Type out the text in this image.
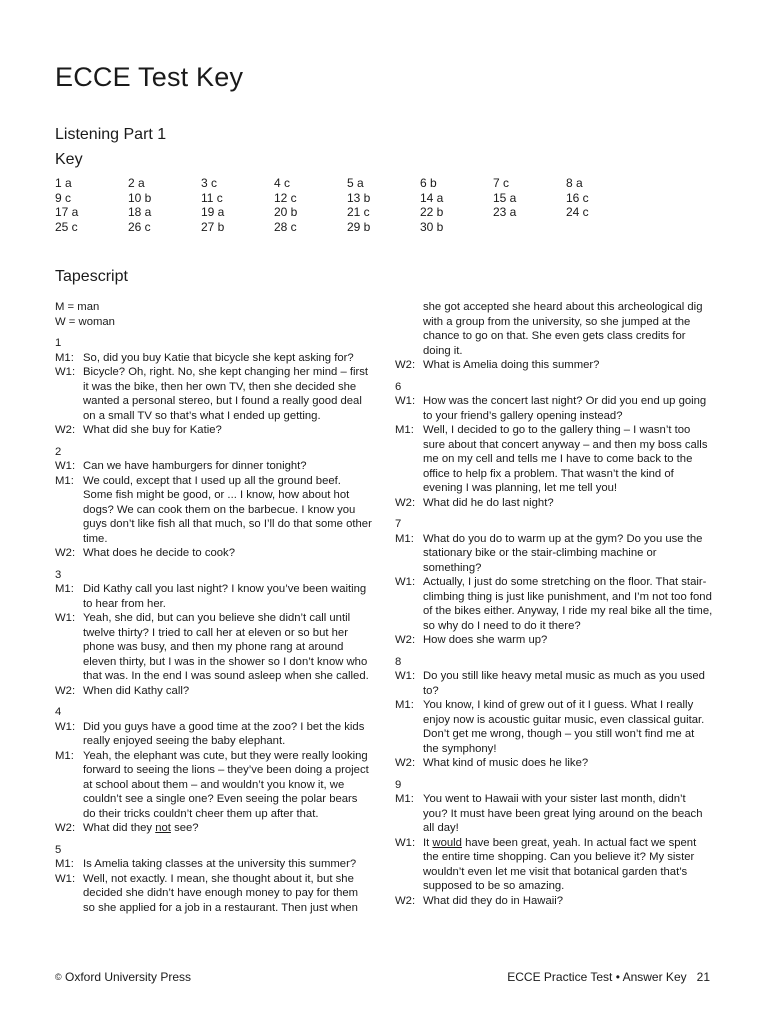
ECCE Test Key
Listening Part 1
Key
1 a	2 a	3 c	4 c	5 a	6 b	7 c	8 a
9 c	10 b	11 c	12 c	13 b	14 a	15 a	16 c
17 a	18 a	19 a	20 b	21 c	22 b	23 a	24 c
25 c	26 c	27 b	28 c	29 b	30 b
Tapescript
M = man
W = woman
1
M1: So, did you buy Katie that bicycle she kept asking for?
W1: Bicycle? Oh, right. No, she kept changing her mind – first it was the bike, then her own TV, then she decided she wanted a personal stereo, but I found a really good deal on a small TV so that’s what I ended up getting.
W2: What did she buy for Katie?
2
W1: Can we have hamburgers for dinner tonight?
M1: We could, except that I used up all the ground beef. Some fish might be good, or ... I know, how about hot dogs? We can cook them on the barbecue. I know you guys don’t like fish all that much, so I’ll do that some other time.
W2: What does he decide to cook?
3
M1: Did Kathy call you last night? I know you’ve been waiting to hear from her.
W1: Yeah, she did, but can you believe she didn’t call until twelve thirty? I tried to call her at eleven or so but her phone was busy, and then my phone rang at around eleven thirty, but I was in the shower so I don’t know who that was. In the end I was sound asleep when she called.
W2: When did Kathy call?
4
W1: Did you guys have a good time at the zoo? I bet the kids really enjoyed seeing the baby elephant.
M1: Yeah, the elephant was cute, but they were really looking forward to seeing the lions – they’ve been doing a project at school about them – and wouldn’t you know it, we couldn’t see a single one? Even seeing the polar bears do their tricks couldn’t cheer them up after that.
W2: What did they not see?
5
M1: Is Amelia taking classes at the university this summer?
W1: Well, not exactly. I mean, she thought about it, but she decided she didn’t have enough money to pay for them so she applied for a job in a restaurant. Then just when
she got accepted she heard about this archeological dig with a group from the university, so she jumped at the chance to go on that. She even gets class credits for doing it.
W2: What is Amelia doing this summer?
6
W1: How was the concert last night? Or did you end up going to your friend’s gallery opening instead?
M1: Well, I decided to go to the gallery thing – I wasn’t too sure about that concert anyway – and then my boss calls me on my cell and tells me I have to come back to the office to help fix a problem. That wasn’t the kind of evening I was planning, let me tell you!
W2: What did he do last night?
7
M1: What do you do to warm up at the gym? Do you use the stationary bike or the stair-climbing machine or something?
W1: Actually, I just do some stretching on the floor. That stair-climbing thing is just like punishment, and I’m not too fond of the bikes either. Anyway, I ride my real bike all the time, so why do I need to do it there?
W2: How does she warm up?
8
W1: Do you still like heavy metal music as much as you used to?
M1: You know, I kind of grew out of it I guess. What I really enjoy now is acoustic guitar music, even classical guitar. Don’t get me wrong, though – you still won’t find me at the symphony!
W2: What kind of music does he like?
9
M1: You went to Hawaii with your sister last month, didn’t you? It must have been great lying around on the beach all day!
W1: It would have been great, yeah. In actual fact we spent the entire time shopping. Can you believe it? My sister wouldn’t even let me visit that botanical garden that’s supposed to be so amazing.
W2: What did they do in Hawaii?
© Oxford University Press	ECCE Practice Test • Answer Key 21
